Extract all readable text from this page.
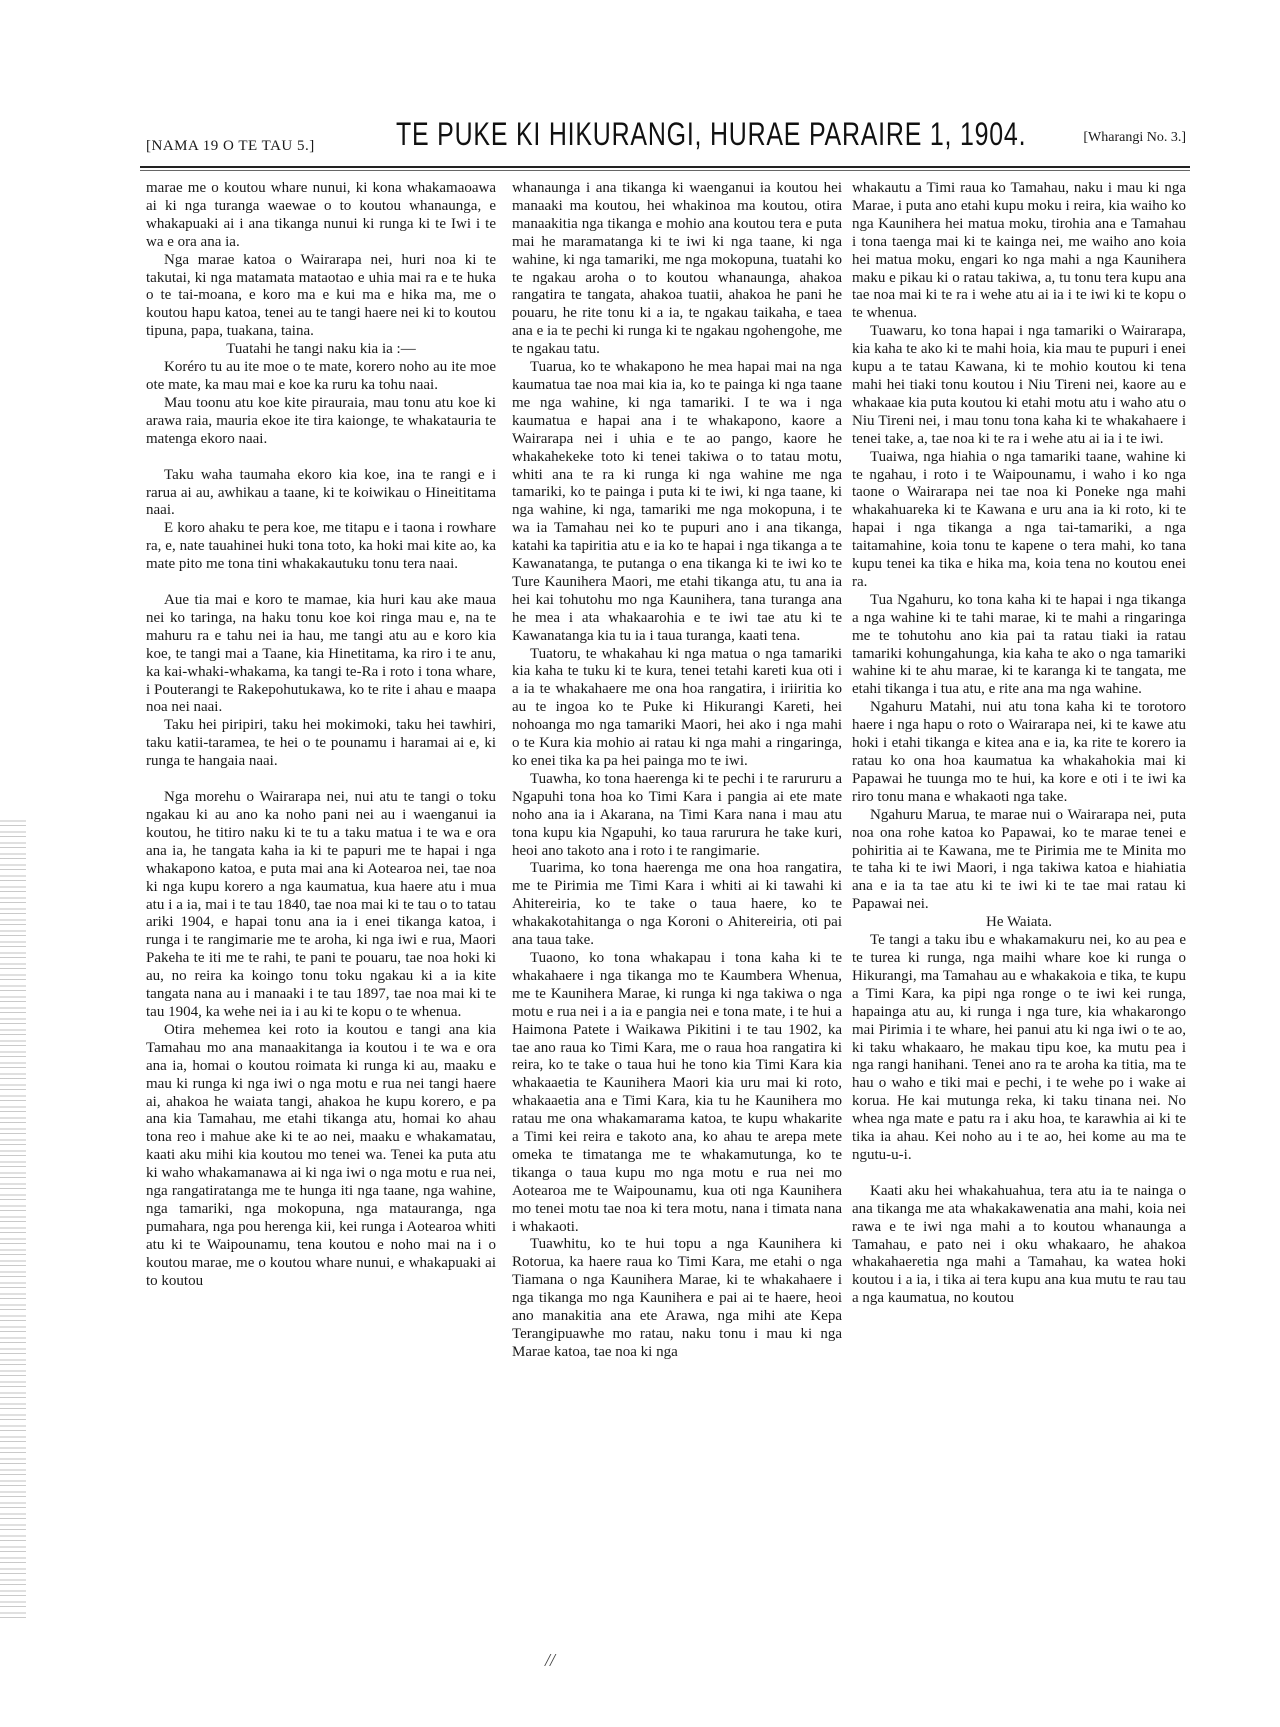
[NAMA 19 O TE TAU 5.]	TE PUKE KI HIKURANGI, HURAE PARAIRE 1, 1904.	[Wharangi No. 3.]

marae me o koutou whare nunui, ki kona whakamaoawa ai ki nga turanga waewae o to koutou whanaunga, e whakapuaki ai i ana tikanga nunui ki runga ki te Iwi i te wa e ora ana ia.

Nga marae katoa o Wairarapa nei, huri noa ki te takutai, ki nga matamata mataotao e uhia mai ra e te huka o te tai-moana, e koro ma e kui ma e hika ma, me o koutou hapu katoa, tenei au te tangi haere nei ki to koutou tipuna, papa, tuakana, taina.

Tuatahi he tangi naku kia ia :—

Koréro tu au ite moe o te mate, korero noho au ite moe ote mate, ka mau mai e koe ka ruru ka tohu naai.

Mau toonu atu koe kite pirauraia, mau tonu atu koe ki arawa raia, mauria ekoe ite tira kaionge, te whakatauria te matenga ekoro naai.

Taku waha taumaha ekoro kia koe, ina te rangi e i rarua ai au, awhikau a taane, ki te koiwikau o Hineititama naai.

E koro ahaku te pera koe, me titapu e i taona i rowhare ra, e, nate tauahinei huki tona toto, ka hoki mai kite ao, ka mate pito me tona tini whakakautuku tonu tera naai.

Aue tia mai e koro te mamae, kia huri kau ake maua nei ko taringa, na haku tonu koe koi ringa mau e, na te mahuru ra e tahu nei ia hau, me tangi atu au e koro kia koe, te tangi mai a Taane, kia Hinetitama, ka riro i te anu, ka kai-whaki-whakama, ka tangi te-Ra i roto i tona whare, i Pouterangi te Rakepohutukawa, ko te rite i ahau e maapa noa nei naai.

Taku hei piripiri, taku hei mokimoki, taku hei tawhiri, taku katii-taramea, te hei o te pounamu i haramai ai e, ki runga te hangaia naai.

Nga morehu o Wairarapa nei, nui atu te tangi o toku ngakau ki au ano ka noho pani nei au i waenganui ia koutou, he titiro naku ki te tu a taku matua i te wa e ora ana ia, he tangata kaha ia ki te papuri me te hapai i nga whakapono katoa, e puta mai ana ki Aotearoa nei, tae noa ki nga kupu korero a nga kaumatua, kua haere atu i mua atu i a ia, mai i te tau 1840, tae noa mai ki te tau o to tatau ariki 1904, e hapai tonu ana ia i enei tikanga katoa, i runga i te rangimarie me te aroha, ki nga iwi e rua, Maori Pakeha te iti me te rahi, te pani te pouaru, tae noa hoki ki au, no reira ka koingo tonu toku ngakau ki a ia kite tangata nana au i manaaki i te tau 1897, tae noa mai ki te tau 1904, ka wehe nei ia i au ki te kopu o te whenua.

Otira mehemea kei roto ia koutou e tangi ana kia Tamahau mo ana manaakitanga ia koutou i te wa e ora ana ia, homai o koutou roimata ki runga ki au, maaku e mau ki runga ki nga iwi o nga motu e rua nei tangi haere ai, ahakoa he waiata tangi, ahakoa he kupu korero, e pa ana kia Tamahau, me etahi tikanga atu, homai ko ahau tona reo i mahue ake ki te ao nei, maaku e whakamatau, kaati aku mihi kia koutou mo tenei wa. Tenei ka puta atu ki waho whakamanawa ai ki nga iwi o nga motu e rua nei, nga rangatiratanga me te hunga iti nga taane, nga wahine, nga tamariki, nga mokopuna, nga matauranga, nga pumahara, nga pou herenga kii, kei runga i Aotearoa whiti atu ki te Waipounamu, tena koutou e noho mai na i o koutou marae, me o koutou whare nunui, e whakapuaki ai to koutou

whanaunga i ana tikanga ki waenganui ia koutou hei manaaki ma koutou, hei whakinoa ma koutou, otira manaakitia nga tikanga e mohio ana koutou tera e puta mai he maramatanga ki te iwi ki nga taane, ki nga wahine, ki nga tamariki, me nga mokopuna, tuatahi ko te ngakau aroha o to koutou whanaunga, ahakoa rangatira te tangata, ahakoa tuatii, ahakoa he pani he pouaru, he rite tonu ki a ia, te ngakau taikaha, e taea ana e ia te pechi ki runga ki te ngakau ngohengohe, me te ngakau tatu.

Tuarua, ko te whakapono he mea hapai mai na nga kaumatua tae noa mai kia ia, ko te painga ki nga taane me nga wahine, ki nga tamariki. I te wa i nga kaumatua e hapai ana i te whakapono, kaore a Wairarapa nei i uhia e te ao pango, kaore he whakahekeke toto ki tenei takiwa o to tatau motu, whiti ana te ra ki runga ki nga wahine me nga tamariki, ko te painga i puta ki te iwi, ki nga taane, ki nga wahine, ki nga, tamariki me nga mokopuna, i te wa ia Tamahau nei ko te pupuri ano i ana tikanga, katahi ka tapiritia atu e ia ko te hapai i nga tikanga a te Kawanatanga, te putanga o ena tikanga ki te iwi ko te Ture Kaunihera Maori, me etahi tikanga atu, tu ana ia hei kai tohutohu mo nga Kaunihera, tana turanga ana he mea i ata whakaarohia e te iwi tae atu ki te Kawanatanga kia tu ia i taua turanga, kaati tena.

Tuatoru, te whakahau ki nga matua o nga tamariki kia kaha te tuku ki te kura, tenei tetahi kareti kua oti i a ia te whakahaere me ona hoa rangatira, i iriiritia ko au te ingoa ko te Puke ki Hikurangi Kareti, hei nohoanga mo nga tamariki Maori, hei ako i nga mahi o te Kura kia mohio ai ratau ki nga mahi a ringaringa, ko enei tika ka pa hei painga mo te iwi.

Tuawha, ko tona haerenga ki te pechi i te rarururu a Ngapuhi tona hoa ko Timi Kara i pangia ai ete mate noho ana ia i Akarana, na Timi Kara nana i mau atu tona kupu kia Ngapuhi, ko taua rarurura he take kuri, heoi ano takoto ana i roto i te rangimarie.

Tuarima, ko tona haerenga me ona hoa rangatira, me te Pirimia me Timi Kara i whiti ai ki tawahi ki Ahitereiria, ko te take o taua haere, ko te whakakotahitanga o nga Koroni o Ahitereiria, oti pai ana taua take.

Tuaono, ko tona whakapau i tona kaha ki te whakahaere i nga tikanga mo te Kaumbera Whenua, me te Kaunihera Marae, ki runga ki nga takiwa o nga motu e rua nei i a ia e pangia nei e tona mate, i te hui a Haimona Patete i Waikawa Pikitini i te tau 1902, ka tae ano raua ko Timi Kara, me o raua hoa rangatira ki reira, ko te take o taua hui he tono kia Timi Kara kia whakaaetia te Kaunihera Maori kia uru mai ki roto, whakaaetia ana e Timi Kara, kia tu he Kaunihera mo ratau me ona whakamarama katoa, te kupu whakarite a Timi kei reira e takoto ana, ko ahau te arepa mete omeka te timatanga me te whakamutunga, ko te tikanga o taua kupu mo nga motu e rua nei mo Aotearoa me te Waipounamu, kua oti nga Kaunihera mo tenei motu tae noa ki tera motu, nana i timata nana i whakaoti.

Tuawhitu, ko te hui topu a nga Kaunihera ki Rotorua, ka haere raua ko Timi Kara, me etahi o nga Tiamana o nga Kaunihera Marae, ki te whakahaere i nga tikanga mo nga Kaunihera e pai ai te haere, heoi ano manakitia ana ete Arawa, nga mihi ate Kepa Terangipuawhe mo ratau, naku tonu i mau ki nga Marae katoa, tae noa ki nga

whakautu a Timi raua ko Tamahau, naku i mau ki nga Marae, i puta ano etahi kupu moku i reira, kia waiho ko nga Kaunihera hei matua moku, tirohia ana e Tamahau i tona taenga mai ki te kainga nei, me waiho ano koia hei matua moku, engari ko nga mahi a nga Kaunihera maku e pikau ki o ratau takiwa, a, tu tonu tera kupu ana tae noa mai ki te ra i wehe atu ai ia i te iwi ki te kopu o te whenua.

Tuawaru, ko tona hapai i nga tamariki o Wairarapa, kia kaha te ako ki te mahi hoia, kia mau te pupuri i enei kupu a te tatau Kawana, ki te mohio koutou ki tena mahi hei tiaki tonu koutou i Niu Tireni nei, kaore au e whakaae kia puta koutou ki etahi motu atu i waho atu o Niu Tireni nei, i mau tonu tona kaha ki te whakahaere i tenei take, a, tae noa ki te ra i wehe atu ai ia i te iwi.

Tuaiwa, nga hiahia o nga tamariki taane, wahine ki te ngahau, i roto i te Waipounamu, i waho i ko nga taone o Wairarapa nei tae noa ki Poneke nga mahi whakahuareka ki te Kawana e uru ana ia ki roto, ki te hapai i nga tikanga a nga tai-tamariki, a nga taitamahine, koia tonu te kapene o tera mahi, ko tana kupu tenei ka tika e hika ma, koia tena no koutou enei ra.

Tua Ngahuru, ko tona kaha ki te hapai i nga tikanga a nga wahine ki te tahi marae, ki te mahi a ringaringa me te tohutohu ano kia pai ta ratau tiaki ia ratau tamariki kohungahunga, kia kaha te ako o nga tamariki wahine ki te ahu marae, ki te karanga ki te tangata, me etahi tikanga i tua atu, e rite ana ma nga wahine.

Ngahuru Matahi, nui atu tona kaha ki te torotoro haere i nga hapu o roto o Wairarapa nei, ki te kawe atu hoki i etahi tikanga e kitea ana e ia, ka rite te korero ia ratau ko ona hoa kaumatua ka whakahokia mai ki Papawai he tuunga mo te hui, ka kore e oti i te iwi ka riro tonu mana e whakaoti nga take.

Ngahuru Marua, te marae nui o Wairarapa nei, puta noa ona rohe katoa ko Papawai, ko te marae tenei e pohiritia ai te Kawana, me te Pirimia me te Minita mo te taha ki te iwi Maori, i nga takiwa katoa e hiahiatia ana e ia ta tae atu ki te iwi ki te tae mai ratau ki Papawai nei.

He Waiata.

Te tangi a taku ibu e whakamakuru nei, ko au pea e te turea ki runga, nga maihi whare koe ki runga o Hikurangi, ma Tamahau au e whakakoia e tika, te kupu a Timi Kara, ka pipi nga ronge o te iwi kei runga, hapainga atu au, ki runga i nga ture, kia whakarongo mai Pirimia i te whare, hei panui atu ki nga iwi o te ao, ki taku whakaaro, he makau tipu koe, ka mutu pea i nga rangi hanihani. Tenei ano ra te aroha ka titia, ma te hau o waho e tiki mai e pechi, i te wehe po i wake ai korua. He kai mutunga reka, ki taku tinana nei. No whea nga mate e patu ra i aku hoa, te karawhia ai ki te tika ia ahau. Kei noho au i te ao, hei kome au ma te ngutu-u-i.

Kaati aku hei whakahuahua, tera atu ia te nainga o ana tikanga me ata whakakawenatia ana mahi, koia nei rawa e te iwi nga mahi a to koutou whanaunga a Tamahau, e pato nei i oku whakaaro, he ahakoa whakahaeretia nga mahi a Tamahau, ka watea hoki koutou i a ia, i tika ai tera kupu ana kua mutu te rau tau a nga kaumatua, no koutou

//
